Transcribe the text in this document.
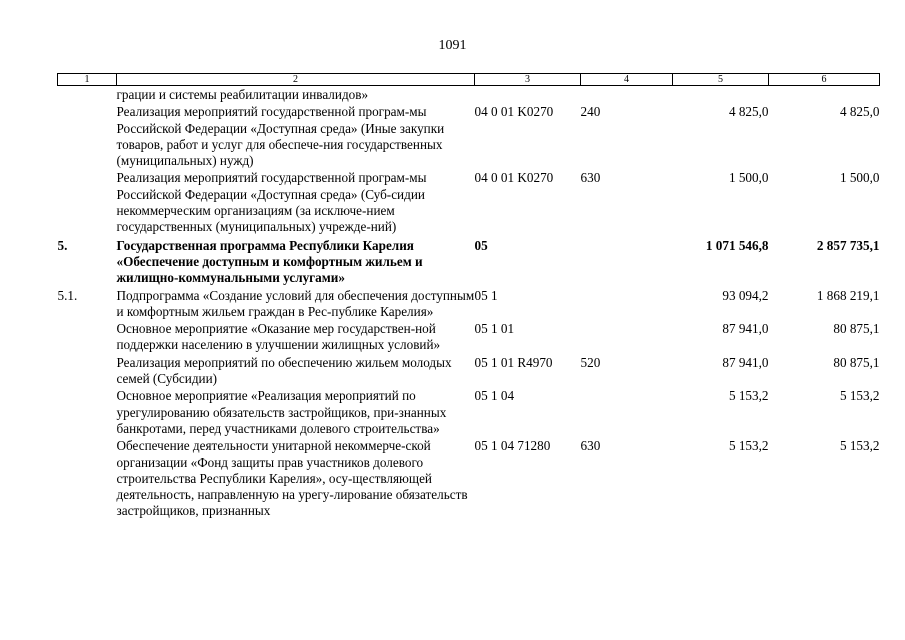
1091
1	2	3	4	5	6
	грации и системы реабилитации инвалидов»				
	Реализация мероприятий государственной програм-мы Российской Федерации «Доступная среда» (Иные закупки товаров, работ и услуг для обеспече-ния государственных (муниципальных) нужд)	04 0 01 K0270	240	4 825,0	4 825,0
	Реализация мероприятий государственной програм-мы Российской Федерации «Доступная среда» (Суб-сидии некоммерческим организациям (за исключе-нием государственных (муниципальных) учрежде-ний)	04 0 01 K0270	630	1 500,0	1 500,0
5.	Государственная программа Республики Карелия «Обеспечение доступным и комфортным жильем и жилищно-коммунальными услугами»	05		1 071 546,8	2 857 735,1
5.1.	Подпрограмма «Создание условий для обеспечения доступным и комфортным жильем граждан в Рес-публике Карелия»	05 1		93 094,2	1 868 219,1
	Основное мероприятие «Оказание мер государствен-ной поддержки населению в улучшении жилищных условий»	05 1 01		87 941,0	80 875,1
	Реализация мероприятий по обеспечению жильем молодых семей (Субсидии)	05 1 01 R4970	520	87 941,0	80 875,1
	Основное мероприятие «Реализация мероприятий по урегулированию обязательств застройщиков, при-знанных банкротами, перед участниками долевого строительства»	05 1 04		5 153,2	5 153,2
	Обеспечение деятельности унитарной некоммерче-ской организации «Фонд защиты прав участников долевого строительства Республики Карелия», осу-ществляющей деятельность, направленную на урегу-лирование обязательств застройщиков, признанных	05 1 04 71280	630	5 153,2	5 153,2
